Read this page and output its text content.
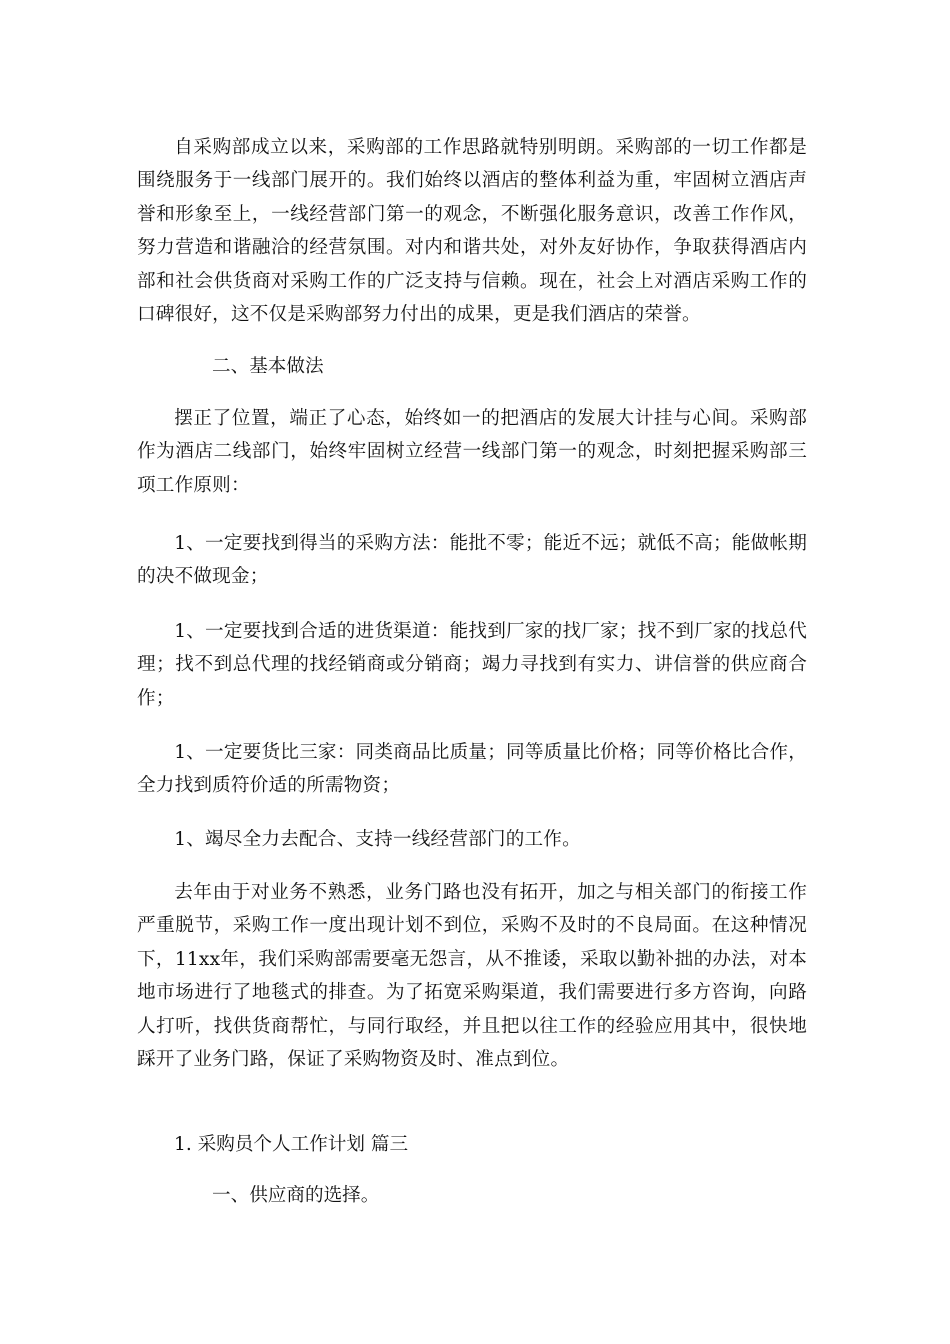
自采购部成立以来，采购部的工作思路就特别明朗。采购部的一切工作都是围绕服务于一线部门展开的。我们始终以酒店的整体利益为重，牢固树立酒店声誉和形象至上，一线经营部门第一的观念，不断强化服务意识，改善工作作风，努力营造和谐融洽的经营氛围。对内和谐共处，对外友好协作，争取获得酒店内部和社会供货商对采购工作的广泛支持与信赖。现在，社会上对酒店采购工作的口碑很好，这不仅是采购部努力付出的成果，更是我们酒店的荣誉。

二、基本做法

摆正了位置，端正了心态，始终如一的把酒店的发展大计挂与心间。采购部作为酒店二线部门，始终牢固树立经营一线部门第一的观念，时刻把握采购部三项工作原则：

1、一定要找到得当的采购方法：能批不零；能近不远；就低不高；能做帐期的决不做现金；

1、一定要找到合适的进货渠道：能找到厂家的找厂家；找不到厂家的找总代理；找不到总代理的找经销商或分销商；竭力寻找到有实力、讲信誉的供应商合作；

1、一定要货比三家：同类商品比质量；同等质量比价格；同等价格比合作，全力找到质符价适的所需物资；

1、竭尽全力去配合、支持一线经营部门的工作。

去年由于对业务不熟悉，业务门路也没有拓开，加之与相关部门的衔接工作严重脱节，采购工作一度出现计划不到位，采购不及时的不良局面。在这种情况下，11xx年，我们采购部需要毫无怨言，从不推诿，采取以勤补拙的办法，对本地市场进行了地毯式的排查。为了拓宽采购渠道，我们需要进行多方咨询，向路人打听，找供货商帮忙，与同行取经，并且把以往工作的经验应用其中，很快地踩开了业务门路，保证了采购物资及时、准点到位。

1. 采购员个人工作计划 篇三

一、供应商的选择。
